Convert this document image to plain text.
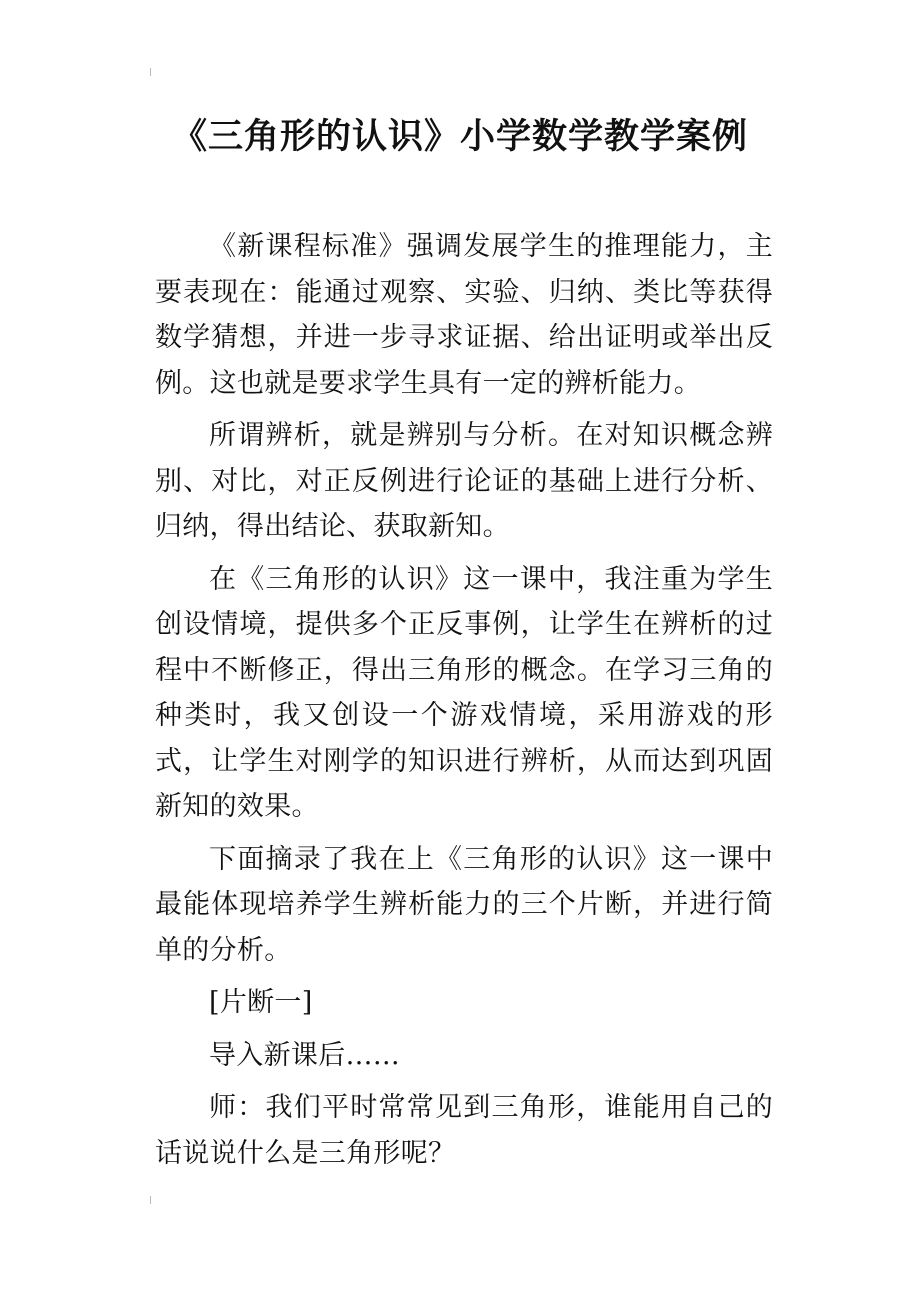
《三角形的认识》小学数学教学案例

《新课程标准》强调发展学生的推理能力，主要表现在：能通过观察、实验、归纳、类比等获得数学猜想，并进一步寻求证据、给出证明或举出反例。这也就是要求学生具有一定的辨析能力。

所谓辨析，就是辨别与分析。在对知识概念辨别、对比，对正反例进行论证的基础上进行分析、归纳，得出结论、获取新知。

在《三角形的认识》这一课中，我注重为学生创设情境，提供多个正反事例，让学生在辨析的过程中不断修正，得出三角形的概念。在学习三角的种类时，我又创设一个游戏情境，采用游戏的形式，让学生对刚学的知识进行辨析，从而达到巩固新知的效果。

下面摘录了我在上《三角形的认识》这一课中最能体现培养学生辨析能力的三个片断，并进行简单的分析。

[片断一]

导入新课后……

师：我们平时常常见到三角形，谁能用自己的话说说什么是三角形呢？
